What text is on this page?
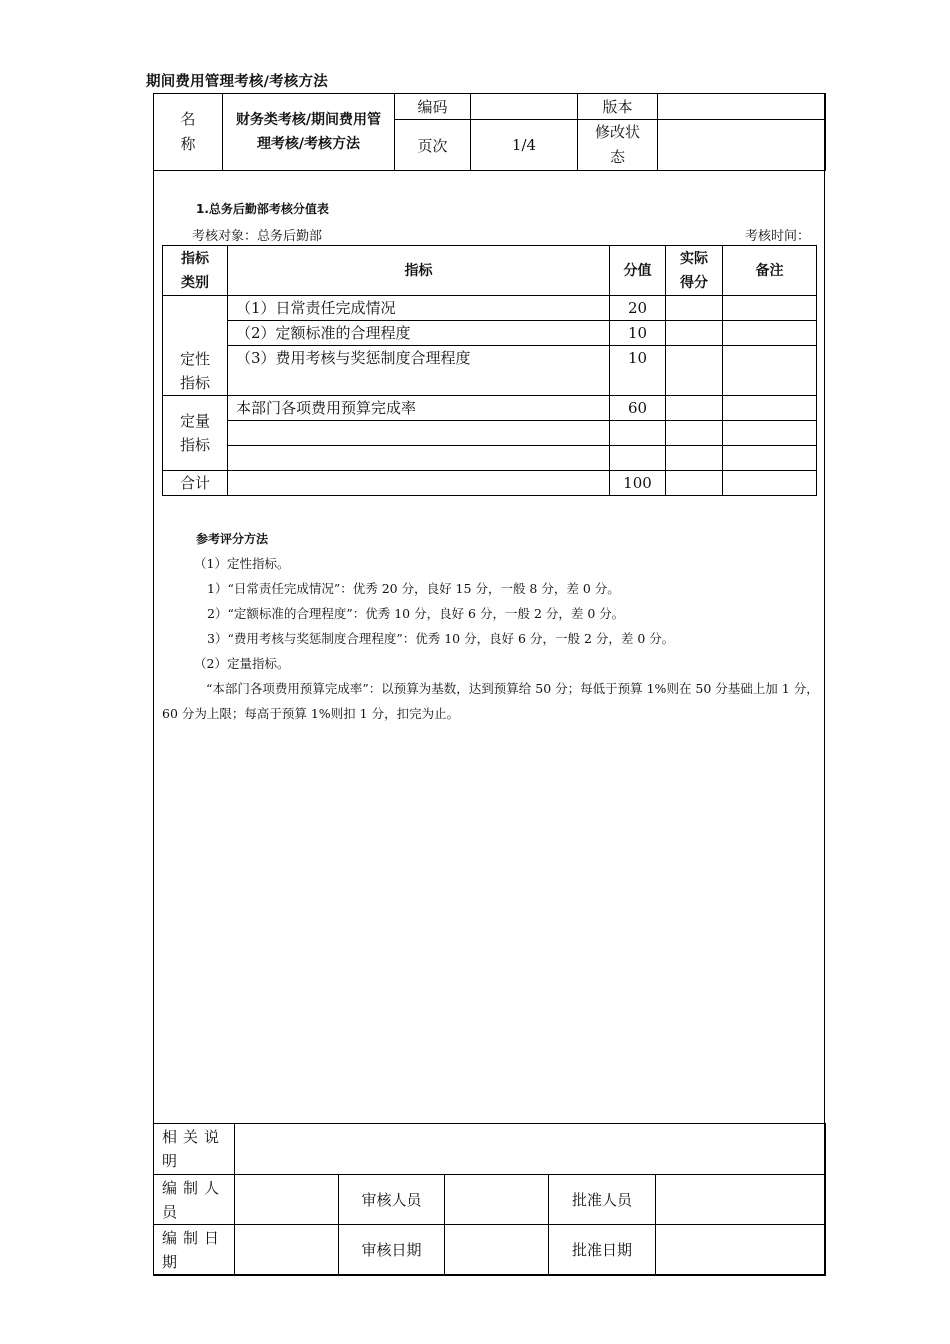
期间费用管理考核/考核方法
名 称	财务类考核/期间费用管理考核/考核方法	编码		版本	
		页次	1/4	修改状态	

1.总务后勤部考核分值表
考核对象：总务后勤部	考核时间：
指标类别	指标	分值	实际得分	备注

定性指标	（1）日常责任完成情况	20		
	（2）定额标准的合理程度	10		
	（3）费用考核与奖惩制度合理程度	10		

定量指标	本部门各项费用预算完成率	60		

合计		100		
参考评分方法
（1）定性指标。
1）“日常责任完成情况”：优秀 20 分，良好 15 分，一般 8 分，差 0 分。
2）“定额标准的合理程度”：优秀 10 分，良好 6 分，一般 2 分，差 0 分。
3）“费用考核与奖惩制度合理程度”：优秀 10 分，良好 6 分，一般 2 分，差 0 分。
（2）定量指标。
“本部门各项费用预算完成率”：以预算为基数，达到预算给 50 分；每低于预算 1%则在 50 分基础上加 1 分，60 分为上限；每高于预算 1%则扣 1 分，扣完为止。
相关说明					
编制人员		审核人员		批准人员	
编制日期		审核日期		批准日期	
